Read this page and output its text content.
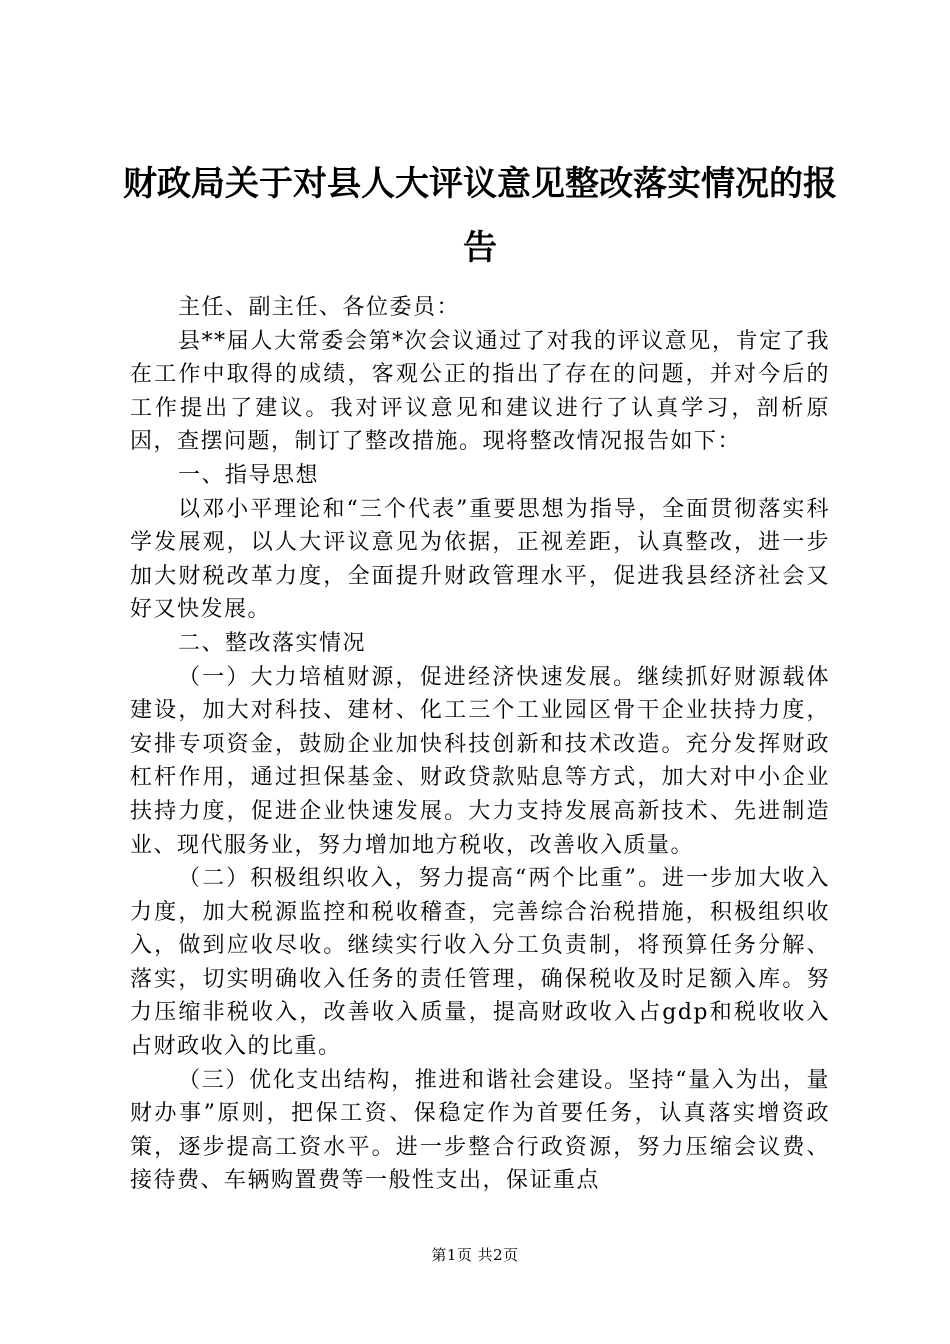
财政局关于对县人大评议意见整改落实情况的报告

主任、副主任、各位委员：

县**届人大常委会第*次会议通过了对我的评议意见，肯定了我在工作中取得的成绩，客观公正的指出了存在的问题，并对今后的工作提出了建议。我对评议意见和建议进行了认真学习，剖析原因，查摆问题，制订了整改措施。现将整改情况报告如下：

一、指导思想

以邓小平理论和“三个代表”重要思想为指导，全面贯彻落实科学发展观，以人大评议意见为依据，正视差距，认真整改，进一步加大财税改革力度，全面提升财政管理水平，促进我县经济社会又好又快发展。

二、整改落实情况

（一）大力培植财源，促进经济快速发展。继续抓好财源载体建设，加大对科技、建材、化工三个工业园区骨干企业扶持力度，安排专项资金，鼓励企业加快科技创新和技术改造。充分发挥财政杠杆作用，通过担保基金、财政贷款贴息等方式，加大对中小企业扶持力度，促进企业快速发展。大力支持发展高新技术、先进制造业、现代服务业，努力增加地方税收，改善收入质量。

（二）积极组织收入，努力提高“两个比重”。进一步加大收入力度，加大税源监控和税收稽查，完善综合治税措施，积极组织收入，做到应收尽收。继续实行收入分工负责制，将预算任务分解、落实，切实明确收入任务的责任管理，确保税收及时足额入库。努力压缩非税收入，改善收入质量，提高财政收入占gdp和税收收入占财政收入的比重。

（三）优化支出结构，推进和谐社会建设。坚持“量入为出，量财办事”原则，把保工资、保稳定作为首要任务，认真落实增资政策，逐步提高工资水平。进一步整合行政资源，努力压缩会议费、接待费、车辆购置费等一般性支出，保证重点

第1页 共2页
